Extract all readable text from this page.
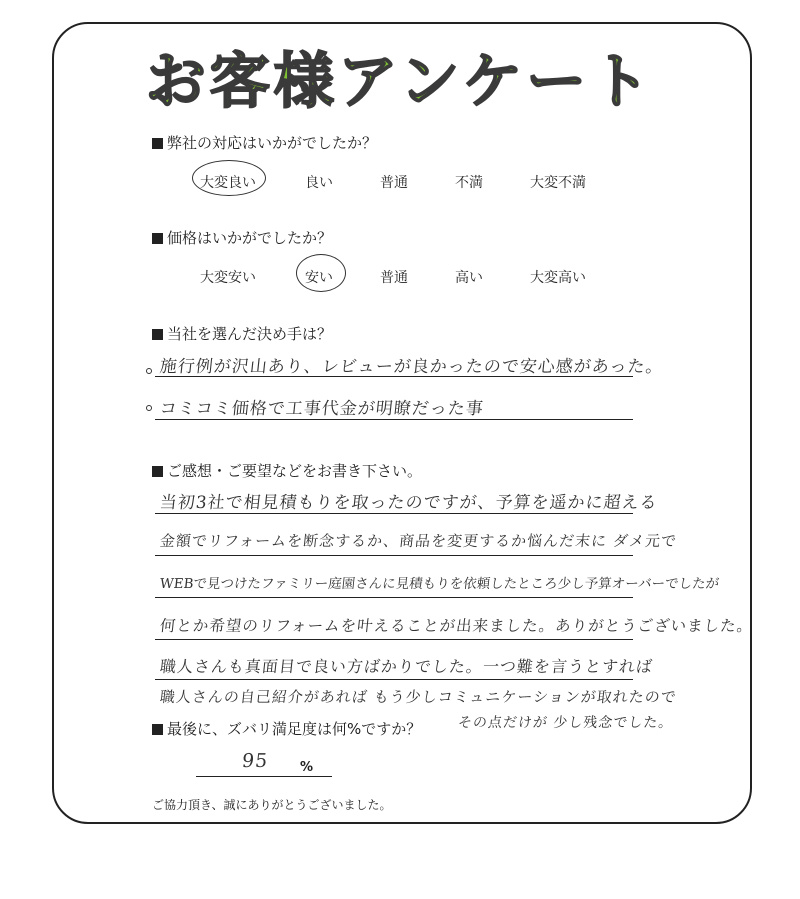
お客様アンケート
弊社の対応はいかがでしたか？
大変良い	良い	普通	不満	大変不満
価格はいかがでしたか？
大変安い	安い	普通	高い	大変高い
当社を選んだ決め手は？
施行例が沢山あり、レビューが良かったので安心感があった。
コミコミ価格で工事代金が明瞭だった事
ご感想・ご要望などをお書き下さい。
当初3社で相見積もりを取ったのですが、予算を遥かに超える
金額でリフォームを断念するか、商品を変更するか悩んだ末に ダメ元で
WEBで見つけたファミリー庭園さんに見積もりを依頼したところ少し予算オーバーでしたが
何とか希望のリフォームを叶えることが出来ました。ありがとうございました。
職人さんも真面目で良い方ばかりでした。一つ難を言うとすれば
職人さんの自己紹介があれば もう少しコミュニケーションが取れたので
最後に、ズバリ満足度は何%ですか？	その点だけが 少し残念でした。
95 %
ご協力頂き、誠にありがとうございました。
